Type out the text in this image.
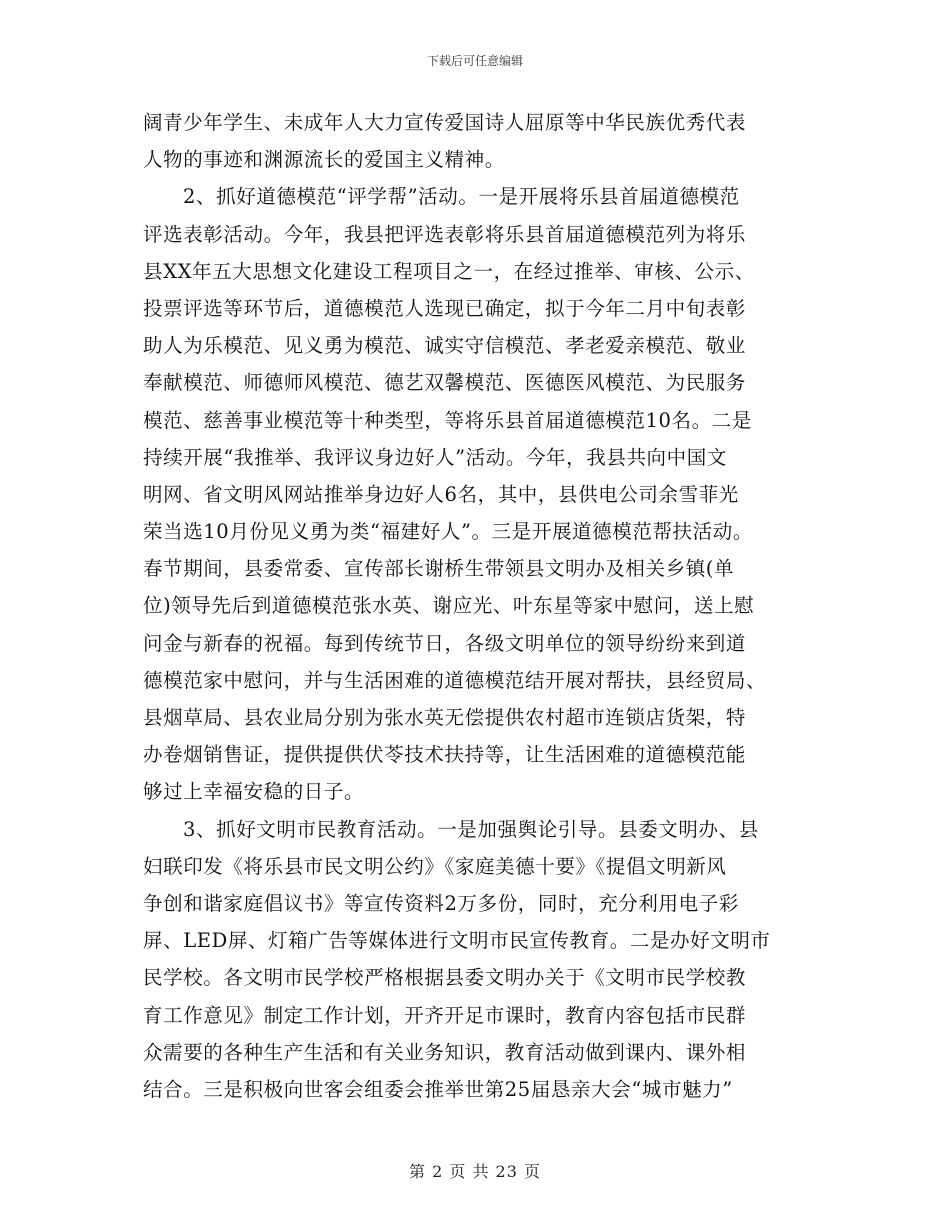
下载后可任意编辑
阔青少年学生、未成年人大力宣传爱国诗人屈原等中华民族优秀代表
人物的事迹和渊源流长的爱国主义精神。
2、抓好道德模范“评学帮”活动。一是开展将乐县首届道德模范
评选表彰活动。今年，我县把评选表彰将乐县首届道德模范列为将乐
县XX年五大思想文化建设工程项目之一，在经过推举、审核、公示、
投票评选等环节后，道德模范人选现已确定，拟于今年二月中旬表彰
助人为乐模范、见义勇为模范、诚实守信模范、孝老爱亲模范、敬业
奉献模范、师德师风模范、德艺双馨模范、医德医风模范、为民服务
模范、慈善事业模范等十种类型，等将乐县首届道德模范10名。二是
持续开展“我推举、我评议身边好人”活动。今年，我县共向中国文
明网、省文明风网站推举身边好人6名，其中，县供电公司余雪菲光
荣当选10月份见义勇为类“福建好人”。三是开展道德模范帮扶活动。
春节期间，县委常委、宣传部长谢桥生带领县文明办及相关乡镇(单
位)领导先后到道德模范张水英、谢应光、叶东星等家中慰问，送上慰
问金与新春的祝福。每到传统节日，各级文明单位的领导纷纷来到道
德模范家中慰问，并与生活困难的道德模范结开展对帮扶，县经贸局、
县烟草局、县农业局分别为张水英无偿提供农村超市连锁店货架，特
办卷烟销售证，提供提供伏苓技术扶持等，让生活困难的道德模范能
够过上幸福安稳的日子。
3、抓好文明市民教育活动。一是加强舆论引导。县委文明办、县
妇联印发《将乐县市民文明公约》《家庭美德十要》《提倡文明新风
争创和谐家庭倡议书》等宣传资料2万多份，同时，充分利用电子彩
屏、LED屏、灯箱广告等媒体进行文明市民宣传教育。二是办好文明市
民学校。各文明市民学校严格根据县委文明办关于《文明市民学校教
育工作意见》制定工作计划，开齐开足市课时，教育内容包括市民群
众需要的各种生产生活和有关业务知识，教育活动做到课内、课外相
结合。三是积极向世客会组委会推举世第25届恳亲大会“城市魅力”
第 2 页 共 23 页
